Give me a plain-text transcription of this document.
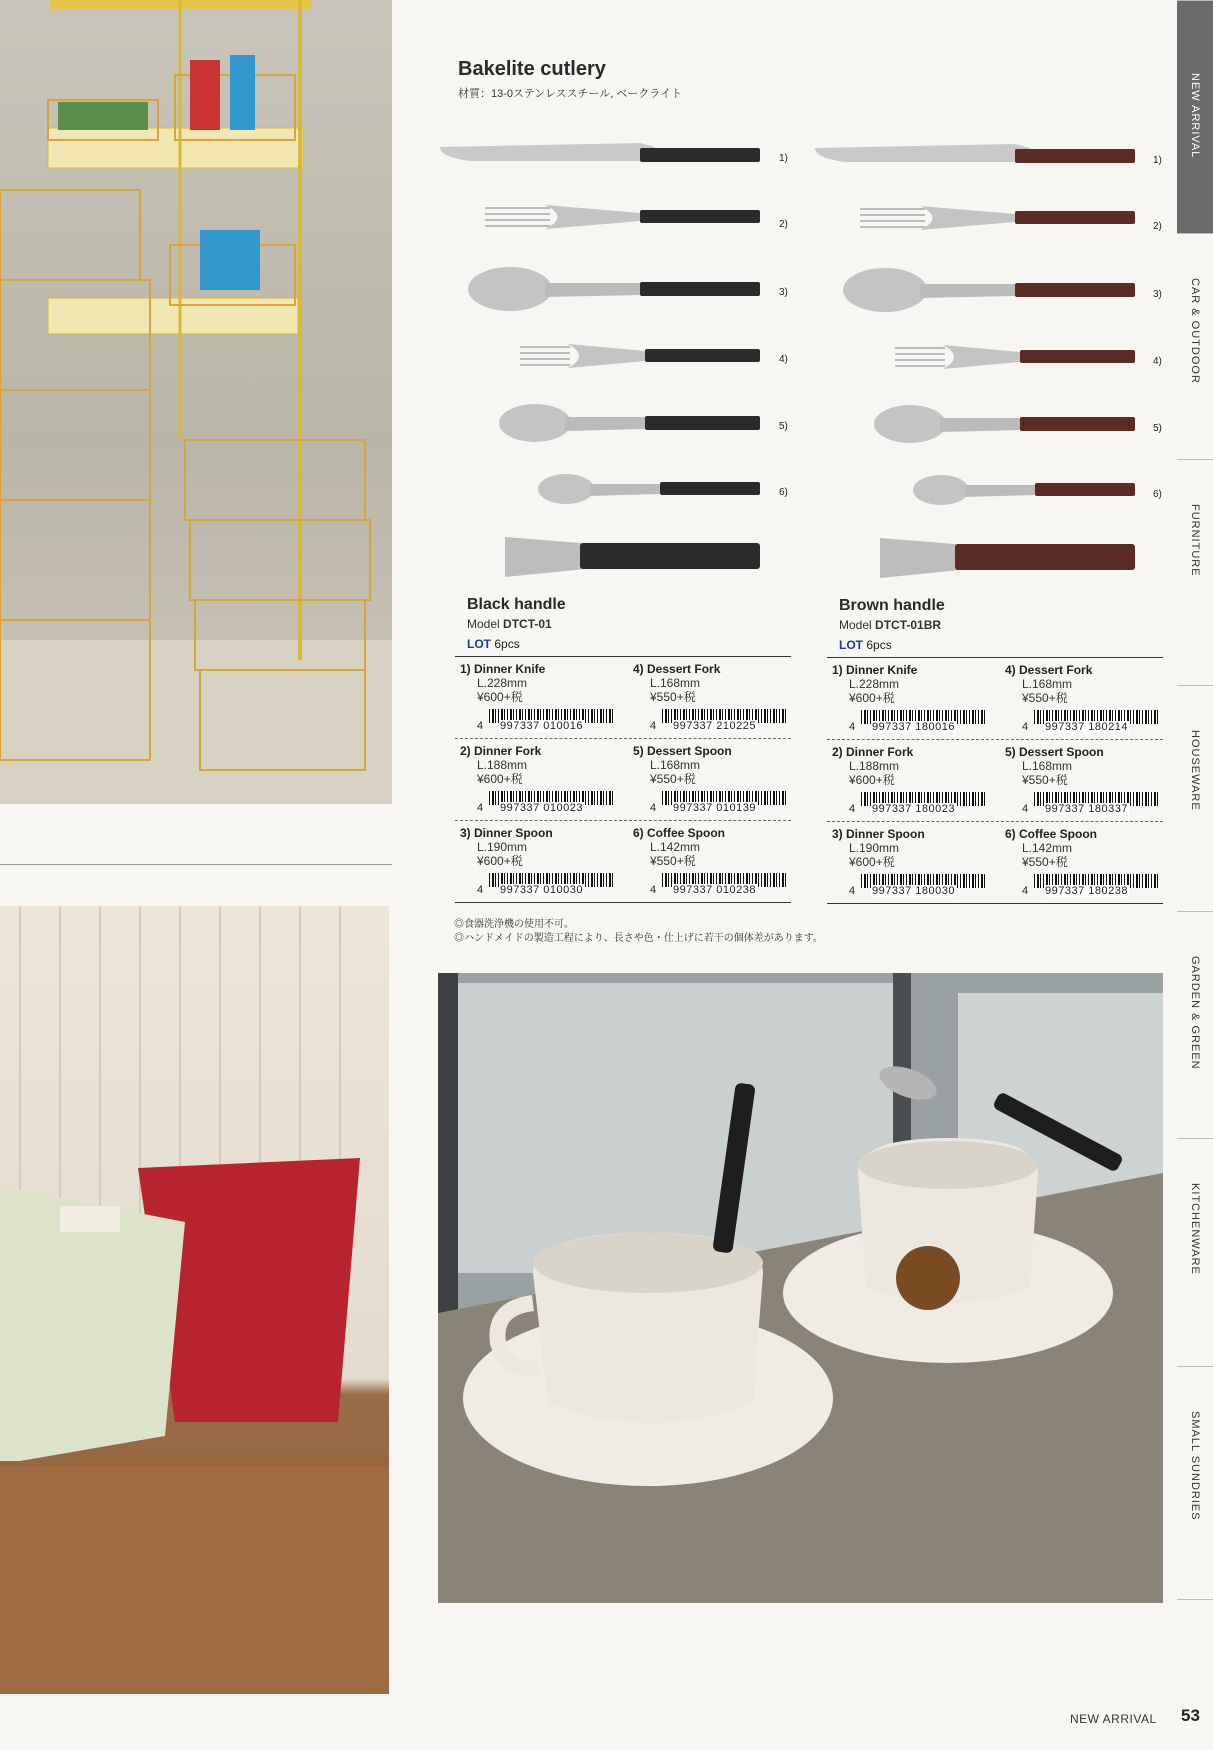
Bakelite cutlery
材質：13-0ステンレススチール, ベークライト
1)
2)
3)
4)
5)
6)
1)
2)
3)
4)
5)
6)
Black handle
Model DTCT-01
LOT 6pcs
1) Dinner Knife
L.228mm
¥600+税
4 997337 010016
4) Dessert Fork
L.168mm
¥550+税
4 997337 210225
2) Dinner Fork
L.188mm
¥600+税
4 997337 010023
5) Dessert Spoon
L.168mm
¥550+税
4 997337 010139
3) Dinner Spoon
L.190mm
¥600+税
4 997337 010030
6) Coffee Spoon
L.142mm
¥550+税
4 997337 010238
Brown handle
Model DTCT-01BR
LOT 6pcs
1) Dinner Knife
L.228mm
¥600+税
4 997337 180016
4) Dessert Fork
L.168mm
¥550+税
4 997337 180214
2) Dinner Fork
L.188mm
¥600+税
4 997337 180023
5) Dessert Spoon
L.168mm
¥550+税
4 997337 180337
3) Dinner Spoon
L.190mm
¥600+税
4 997337 180030
6) Coffee Spoon
L.142mm
¥550+税
4 997337 180238
◎食器洗浄機の使用不可。
◎ハンドメイドの製造工程により、長さや色・仕上げに若干の個体差があります。
NEW ARRIVAL
CAR & OUTDOOR
FURNITURE
HOUSEWARE
GARDEN & GREEN
KITCHENWARE
SMALL SUNDRIES
NEW ARRIVAL 53
